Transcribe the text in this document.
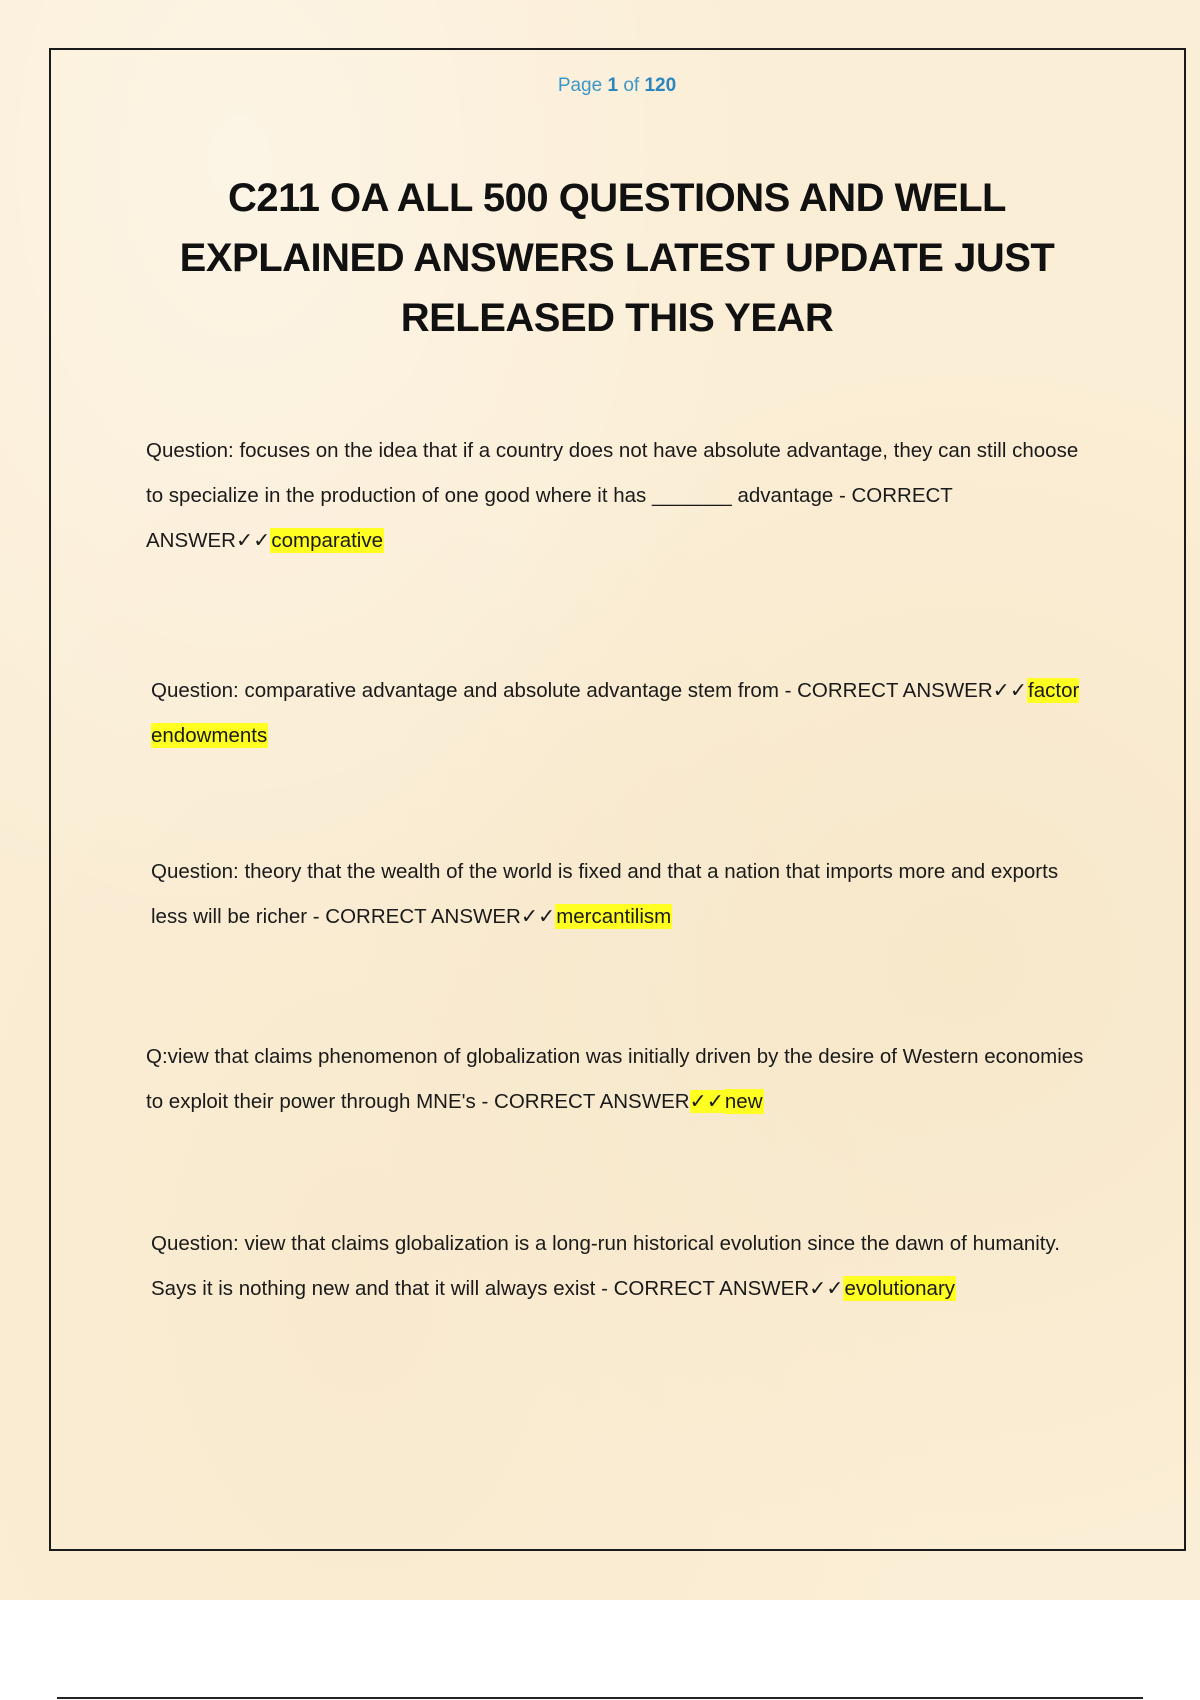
Page 1 of 120
C211 OA ALL 500 QUESTIONS AND WELL EXPLAINED ANSWERS LATEST UPDATE JUST RELEASED THIS YEAR
Question: focuses on the idea that if a country does not have absolute advantage, they can still choose to specialize in the production of one good where it has _______ advantage - CORRECT ANSWER✓✓comparative
Question: comparative advantage and absolute advantage stem from - CORRECT ANSWER✓✓factor endowments
Question: theory that the wealth of the world is fixed and that a nation that imports more and exports less will be richer - CORRECT ANSWER✓✓mercantilism
Q:view that claims phenomenon of globalization was initially driven by the desire of Western economies to exploit their power through MNE's - CORRECT ANSWER✓✓new
Question: view that claims globalization is a long-run historical evolution since the dawn of humanity. Says it is nothing new and that it will always exist - CORRECT ANSWER✓✓evolutionary
